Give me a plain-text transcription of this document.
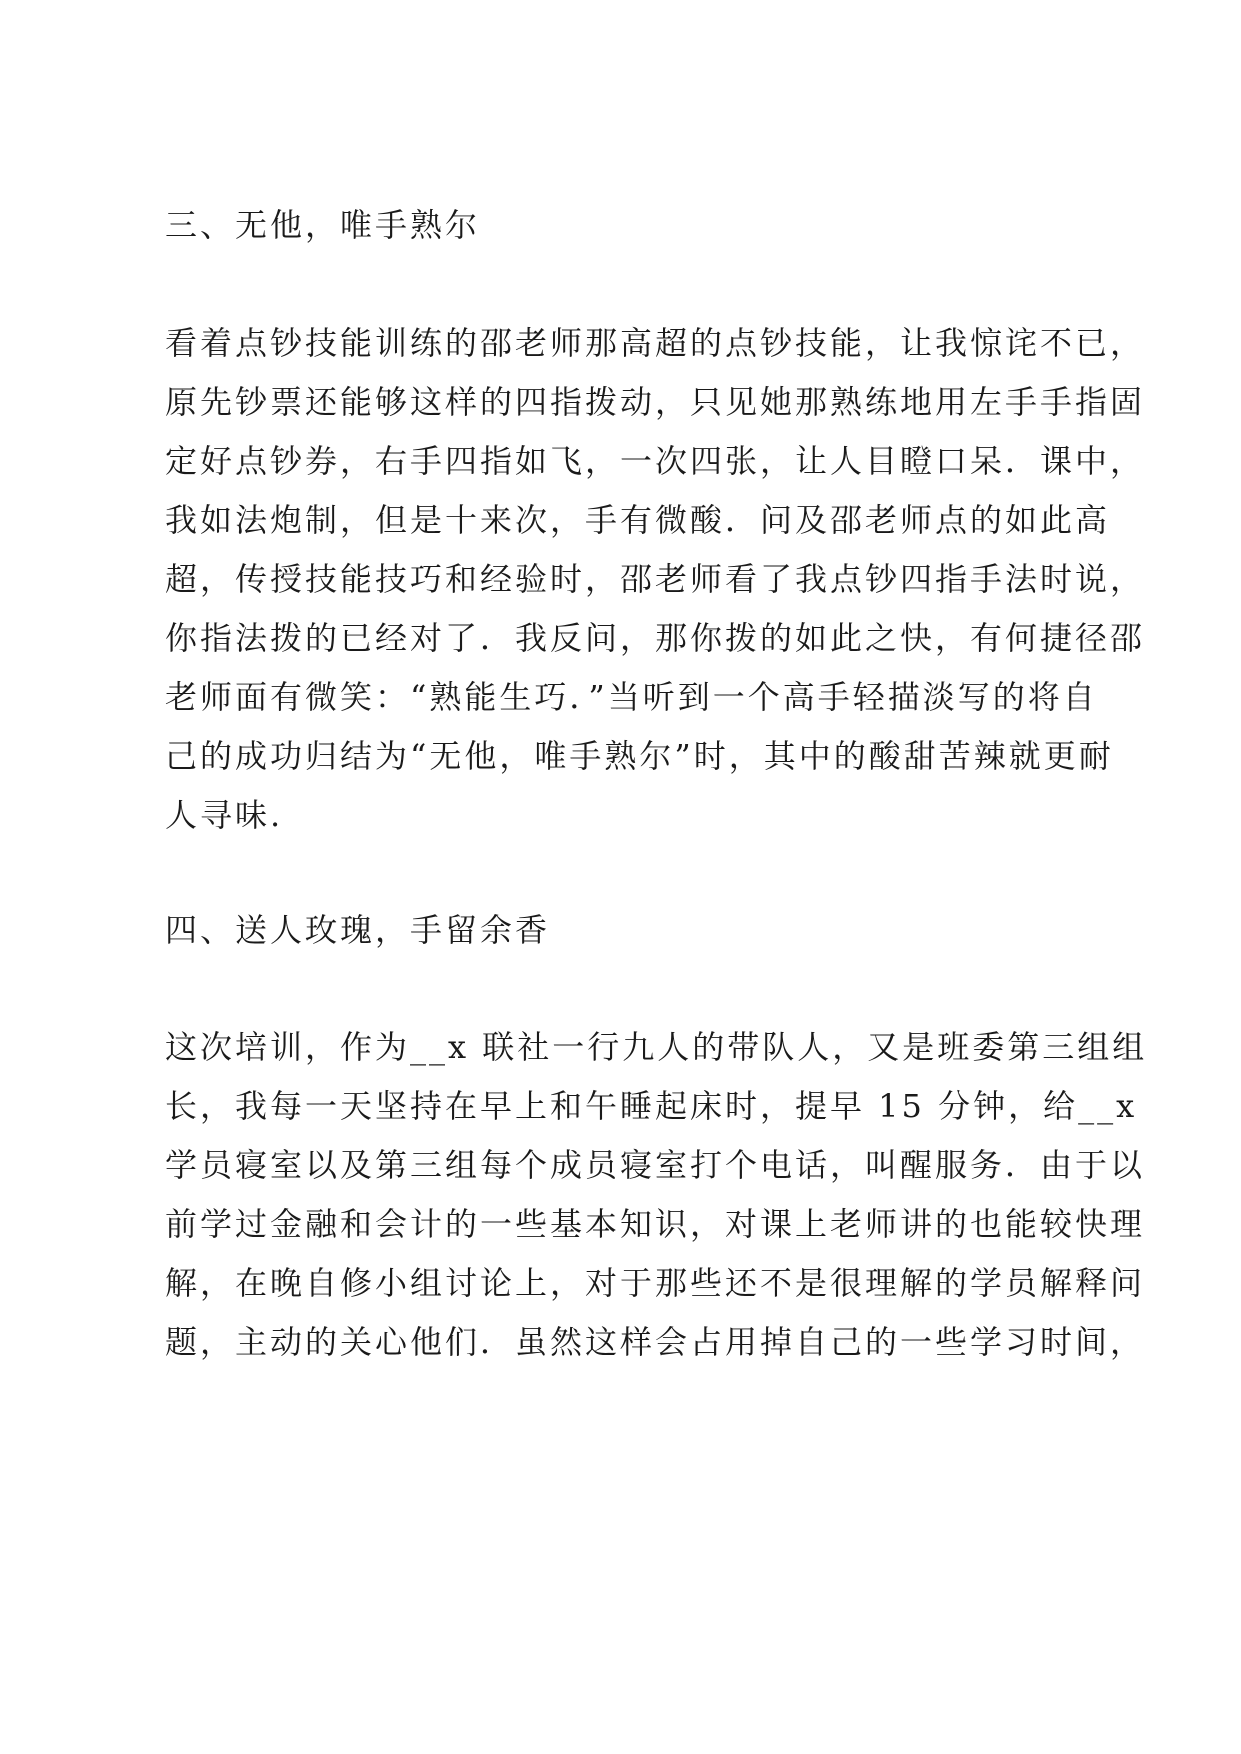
三、无他，唯手熟尔
看着点钞技能训练的邵老师那高超的点钞技能，让我惊诧不已，
原先钞票还能够这样的四指拨动，只见她那熟练地用左手手指固
定好点钞券，右手四指如飞，一次四张，让人目瞪口呆．课中，
我如法炮制，但是十来次，手有微酸．问及邵老师点的如此高
超，传授技能技巧和经验时，邵老师看了我点钞四指手法时说，
你指法拨的已经对了．我反问，那你拨的如此之快，有何捷径邵
老师面有微笑：“熟能生巧．”当听到一个高手轻描淡写的将自
己的成功归结为“无他，唯手熟尔”时，其中的酸甜苦辣就更耐
人寻味.
四、送人玫瑰，手留余香
这次培训，作为__x 联社一行九人的带队人，又是班委第三组组
长，我每一天坚持在早上和午睡起床时，提早 15 分钟，给__x
学员寝室以及第三组每个成员寝室打个电话，叫醒服务．由于以
前学过金融和会计的一些基本知识，对课上老师讲的也能较快理
解，在晚自修小组讨论上，对于那些还不是很理解的学员解释问
题，主动的关心他们．虽然这样会占用掉自己的一些学习时间，
